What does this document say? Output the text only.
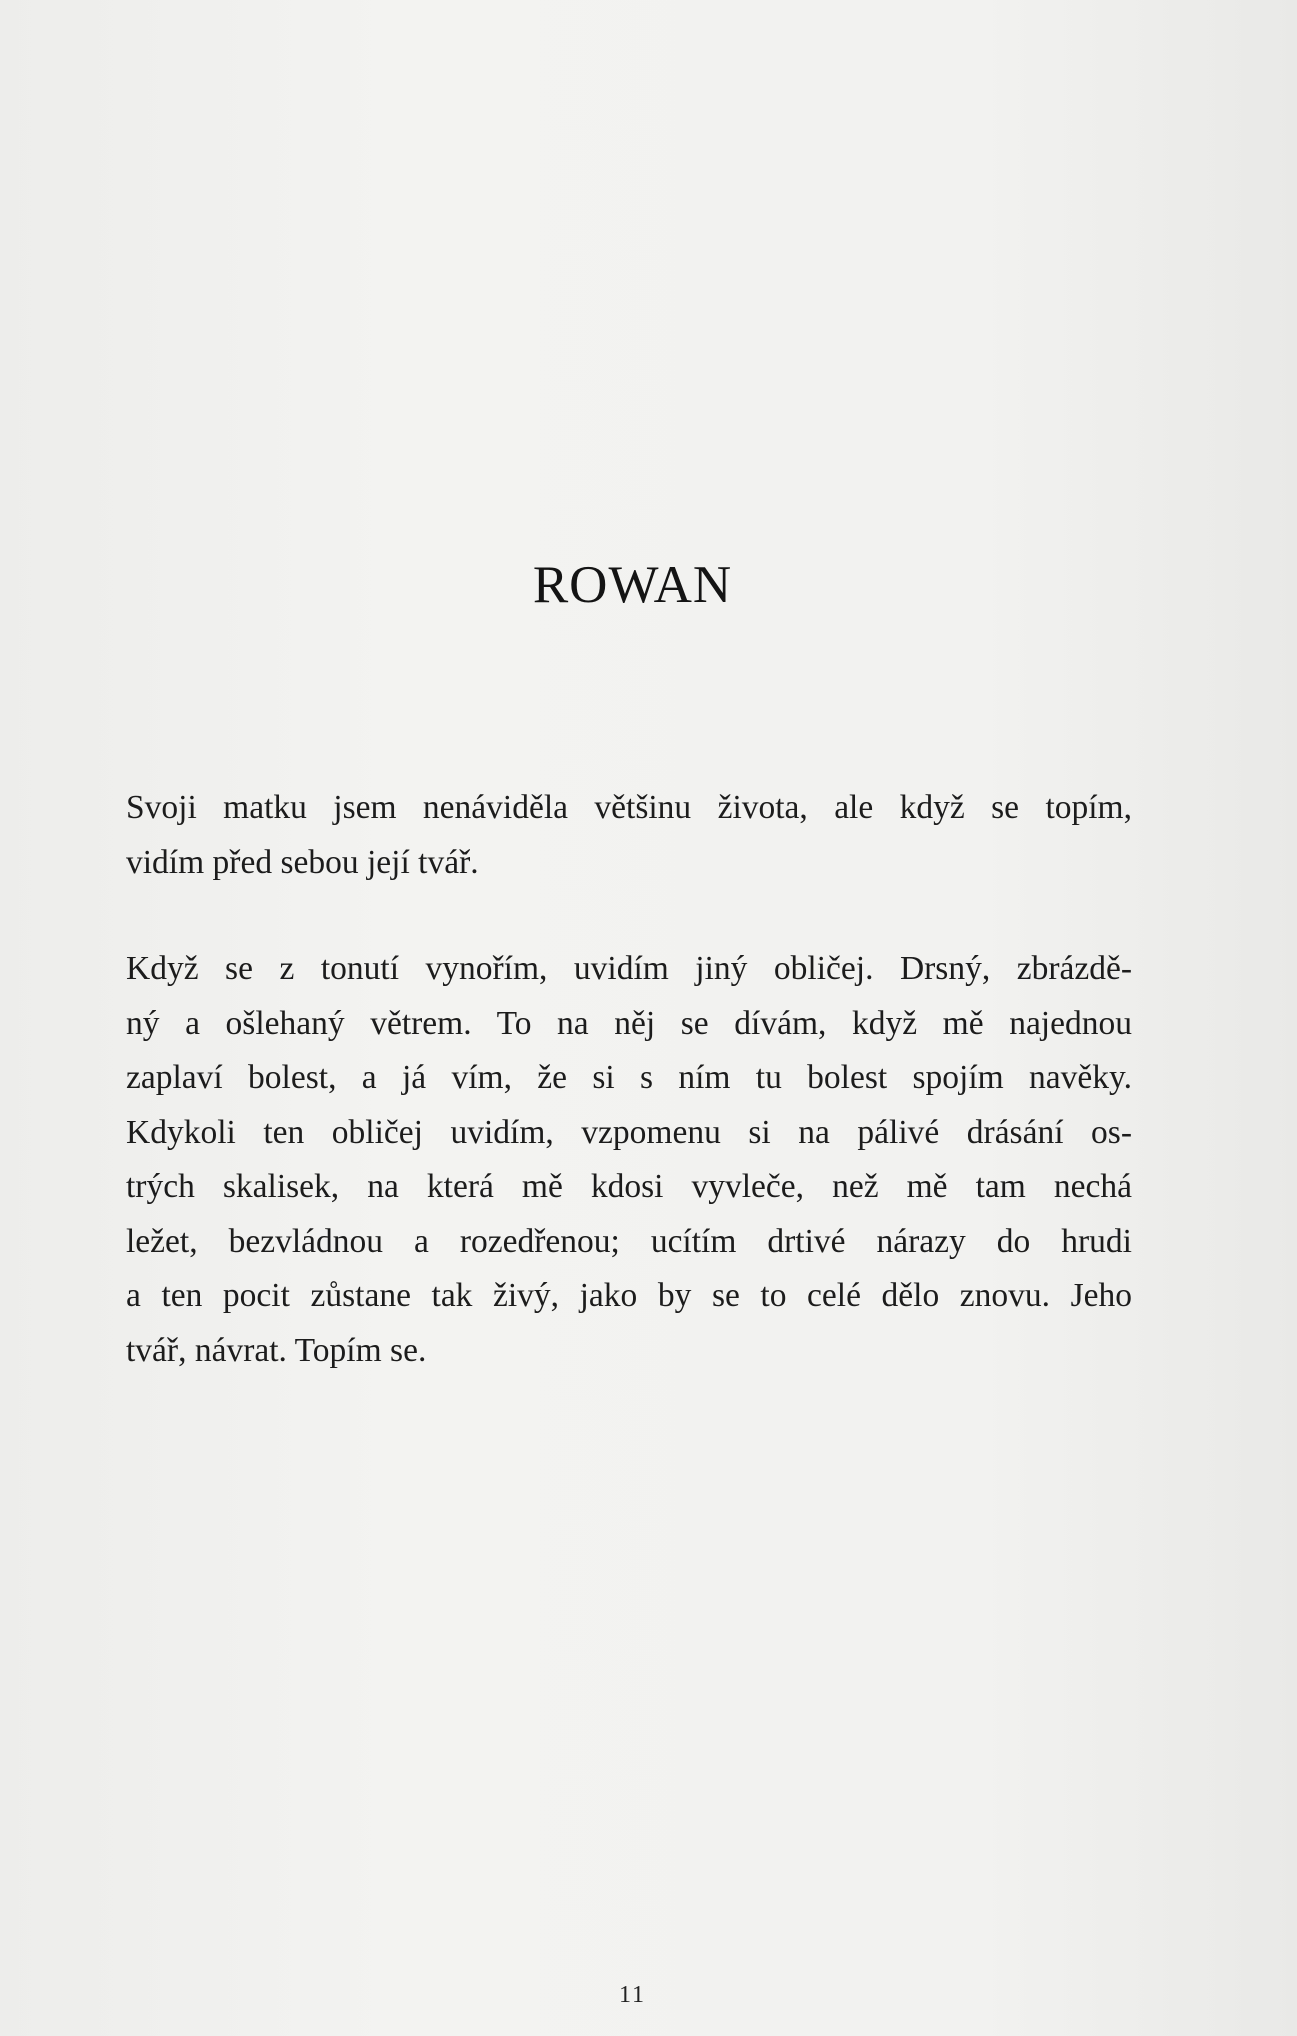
ROWAN

Svoji matku jsem nenáviděla většinu života, ale když se topím,
vidím před sebou její tvář.

Když se z tonutí vynořím, uvidím jiný obličej. Drsný, zbrázdě-
ný a ošlehaný větrem. To na něj se dívám, když mě najednou
zaplaví bolest, a já vím, že si s ním tu bolest spojím navěky.
Kdykoli ten obličej uvidím, vzpomenu si na pálivé drásání os-
trých skalisek, na která mě kdosi vyvleče, než mě tam nechá
ležet, bezvládnou a rozedřenou; ucítím drtivé nárazy do hrudi
a ten pocit zůstane tak živý, jako by se to celé dělo znovu. Jeho
tvář, návrat. Topím se.

11
